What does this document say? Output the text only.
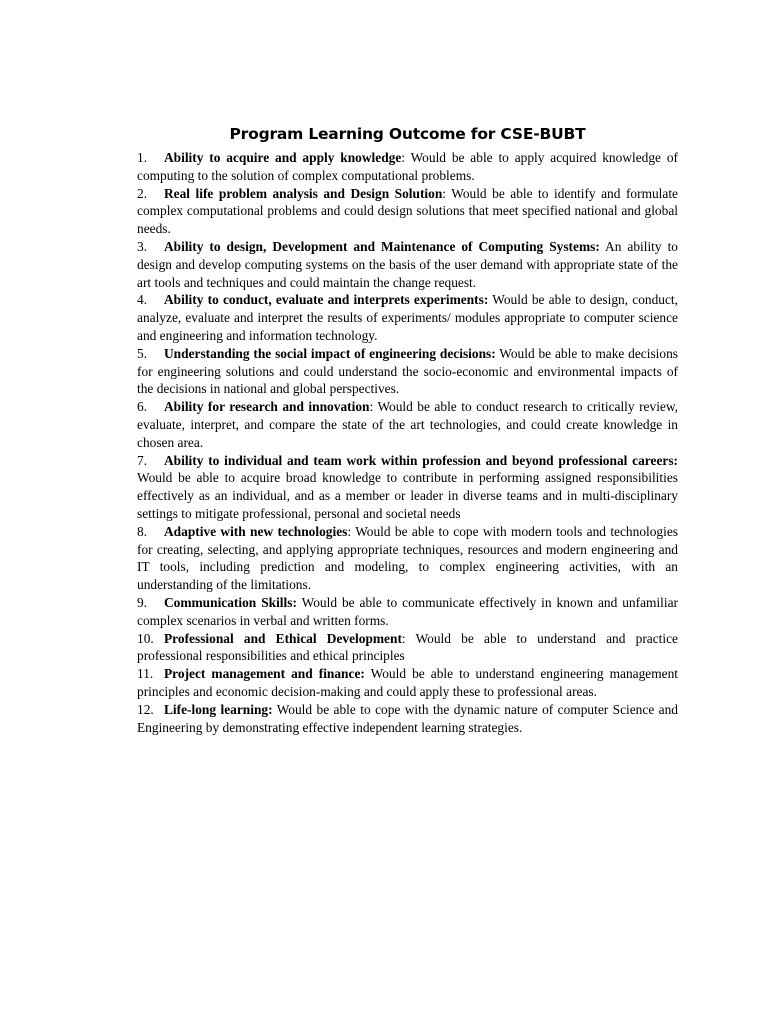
Program Learning Outcome for CSE-BUBT
1. Ability to acquire and apply knowledge: Would be able to apply acquired knowledge of computing to the solution of complex computational problems.
2. Real life problem analysis and Design Solution: Would be able to identify and formulate complex computational problems and could design solutions that meet specified national and global needs.
3. Ability to design, Development and Maintenance of Computing Systems: An ability to design and develop computing systems on the basis of the user demand with appropriate state of the art tools and techniques and could maintain the change request.
4. Ability to conduct, evaluate and interprets experiments: Would be able to design, conduct, analyze, evaluate and interpret the results of experiments/ modules appropriate to computer science and engineering and information technology.
5. Understanding the social impact of engineering decisions: Would be able to make decisions for engineering solutions and could understand the socio-economic and environmental impacts of the decisions in national and global perspectives.
6. Ability for research and innovation: Would be able to conduct research to critically review, evaluate, interpret, and compare the state of the art technologies, and could create knowledge in chosen area.
7. Ability to individual and team work within profession and beyond professional careers: Would be able to acquire broad knowledge to contribute in performing assigned responsibilities effectively as an individual, and as a member or leader in diverse teams and in multi-disciplinary settings to mitigate professional, personal and societal needs
8. Adaptive with new technologies: Would be able to cope with modern tools and technologies for creating, selecting, and applying appropriate techniques, resources and modern engineering and IT tools, including prediction and modeling, to complex engineering activities, with an understanding of the limitations.
9. Communication Skills: Would be able to communicate effectively in known and unfamiliar complex scenarios in verbal and written forms.
10. Professional and Ethical Development: Would be able to understand and practice professional responsibilities and ethical principles
11. Project management and finance: Would be able to understand engineering management principles and economic decision-making and could apply these to professional areas.
12. Life-long learning: Would be able to cope with the dynamic nature of computer Science and Engineering by demonstrating effective independent learning strategies.
